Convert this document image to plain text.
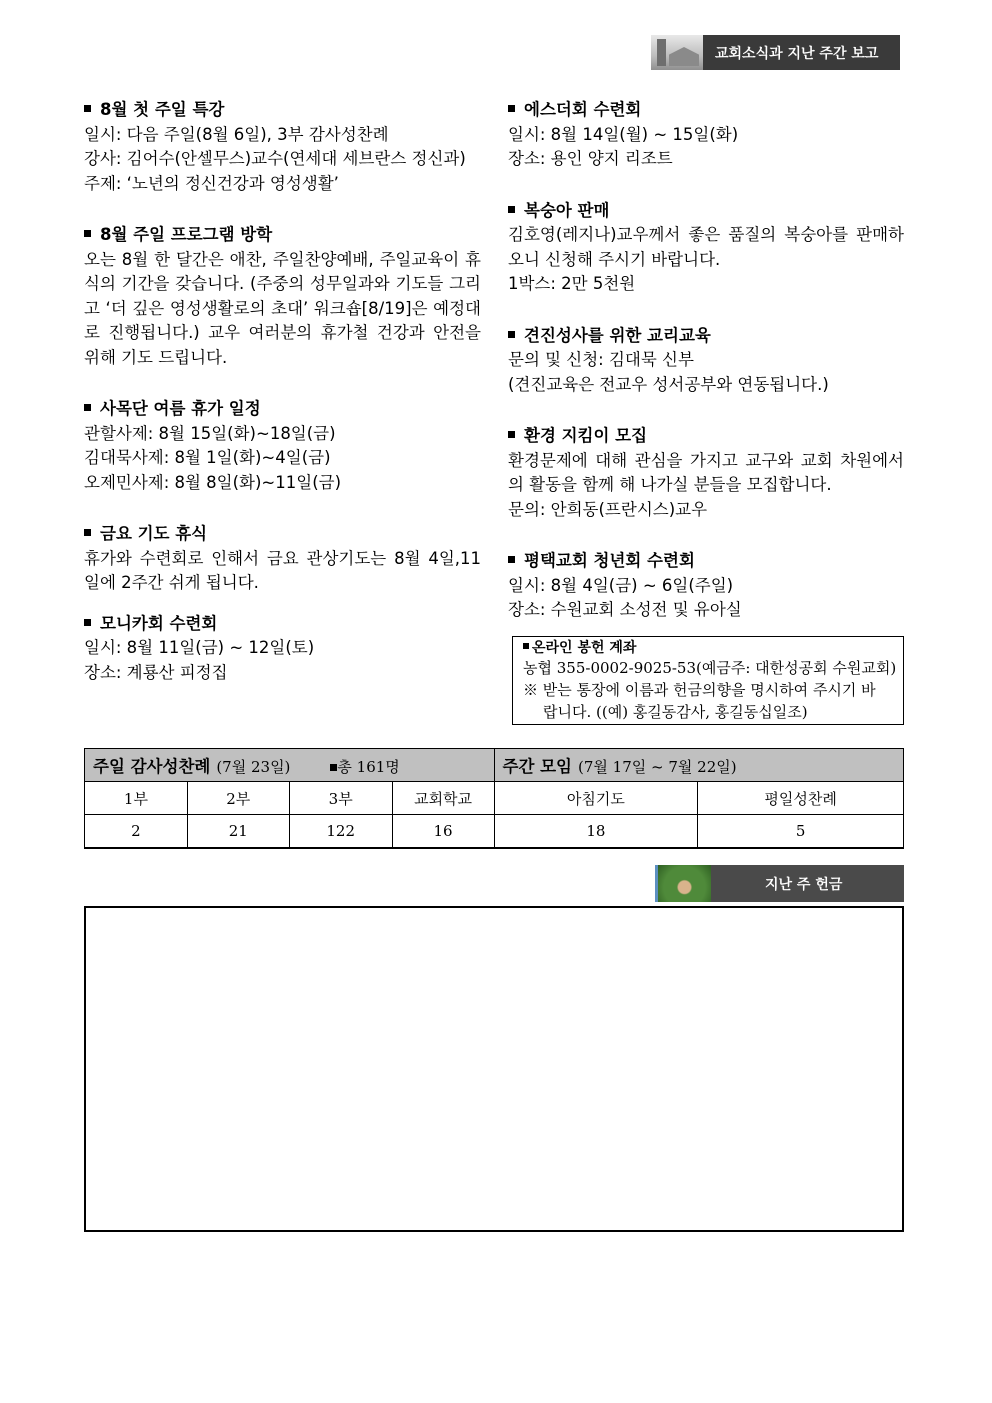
교회소식과 지난 주간 보고
8월 첫 주일 특강

일시: 다음 주일(8월 6일), 3부 감사성찬례

강사: 김어수(안셀무스)교수(연세대 세브란스 정신과)

주제: ‘노년의 정신건강과 영성생활’

8월 주일 프로그램 방학

오는 8월 한 달간은 애찬, 주일찬양예배, 주일교육이 휴식의 기간을 갖습니다. (주중의 성무일과와 기도들 그리고 ‘더 깊은 영성생활로의 초대’ 워크숍[8/19]은 예정대로 진행됩니다.) 교우 여러분의 휴가철 건강과 안전을 위해 기도 드립니다.

사목단 여름 휴가 일정

관할사제: 8월 15일(화)~18일(금)

김대묵사제: 8월 1일(화)~4일(금)

오제민사제: 8월 8일(화)~11일(금)

금요 기도 휴식

휴가와 수련회로 인해서 금요 관상기도는 8월 4일,11일에 2주간 쉬게 됩니다.

모니카회 수련회

일시: 8월 11일(금) ~ 12일(토)

장소: 계룡산 피정집

에스더회 수련회

일시: 8월 14일(월) ~ 15일(화)

장소: 용인 양지 리조트

복숭아 판매

김호영(레지나)교우께서 좋은 품질의 복숭아를 판매하오니 신청해 주시기 바랍니다.

1박스: 2만 5천원

견진성사를 위한 교리교육

문의 및 신청: 김대묵 신부

(견진교육은 전교우 성서공부와 연동됩니다.)

환경 지킴이 모집

환경문제에 대해 관심을 가지고 교구와 교회 차원에서의 활동을 함께 해 나가실 분들을 모집합니다.

문의: 안희동(프란시스)교우

평택교회 청년회 수련회

일시: 8월 4일(금) ~ 6일(주일)

장소: 수원교회 소성전 및 유아실

온라인 봉헌 계좌

농협 355-0002-9025-53(예금주: 대한성공회 수원교회)

※ 받는 통장에 이름과 헌금의향을 명시하여 주시기 바

랍니다. ((예) 홍길동감사, 홍길동십일조)

주일 감사성찬례 (7월 23일) 총 161명				주간 모임 (7월 17일 ~ 7월 22일)	
1부	2부	3부	교회학교	아침기도	평일성찬례
2	21	122	16	18	5
지난 주 헌금
